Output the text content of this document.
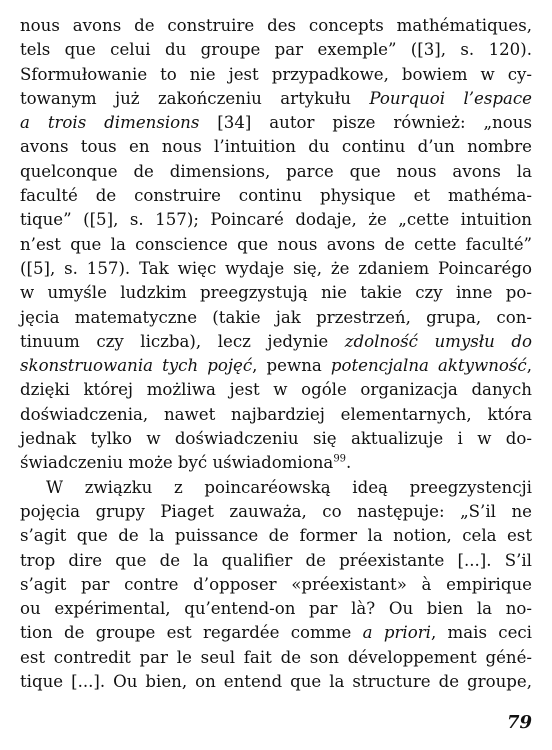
nous avons de construire des concepts mathématiques,
tels que celui du groupe par exemple” ([3], s. 120).
Sformułowanie to nie jest przypadkowe, bowiem w cy-
towanym już zakończeniu artykułu Pourquoi l’espace
a trois dimensions [34] autor pisze również: „nous
avons tous en nous l’intuition du continu d’un nombre
quelconque de dimensions, parce que nous avons la
faculté de construire continu physique et mathéma-
tique” ([5], s. 157); Poincaré dodaje, że „cette intuition
n’est que la conscience que nous avons de cette faculté”
([5], s. 157). Tak więc wydaje się, że zdaniem Poincarégo
w umyśle ludzkim preegzystują nie takie czy inne po-
jęcia matematyczne (takie jak przestrzeń, grupa, con-
tinuum czy liczba), lecz jedynie zdolność umysłu do
skonstruowania tych pojęć, pewna potencjalna aktywność,
dzięki której możliwa jest w ogóle organizacja danych
doświadczenia, nawet najbardziej elementarnych, która
jednak tylko w doświadczeniu się aktualizuje i w do-
świadczeniu może być uświadomiona$^{99}$.
W związku z poincaréowską ideą preegzystencji
pojęcia grupy Piaget zauważa, co następuje: „S’il ne
s’agit que de la puissance de former la notion, cela est
trop dire que de la qualifier de préexistante [...]. S’il
s’agit par contre d’opposer «préexistant» à empirique
ou expérimental, qu’entend-on par là? Ou bien la no-
tion de groupe est regardée comme a priori, mais ceci
est contredit par le seul fait de son développement géné-
tique [...]. Ou bien, on entend que la structure de groupe,
79
